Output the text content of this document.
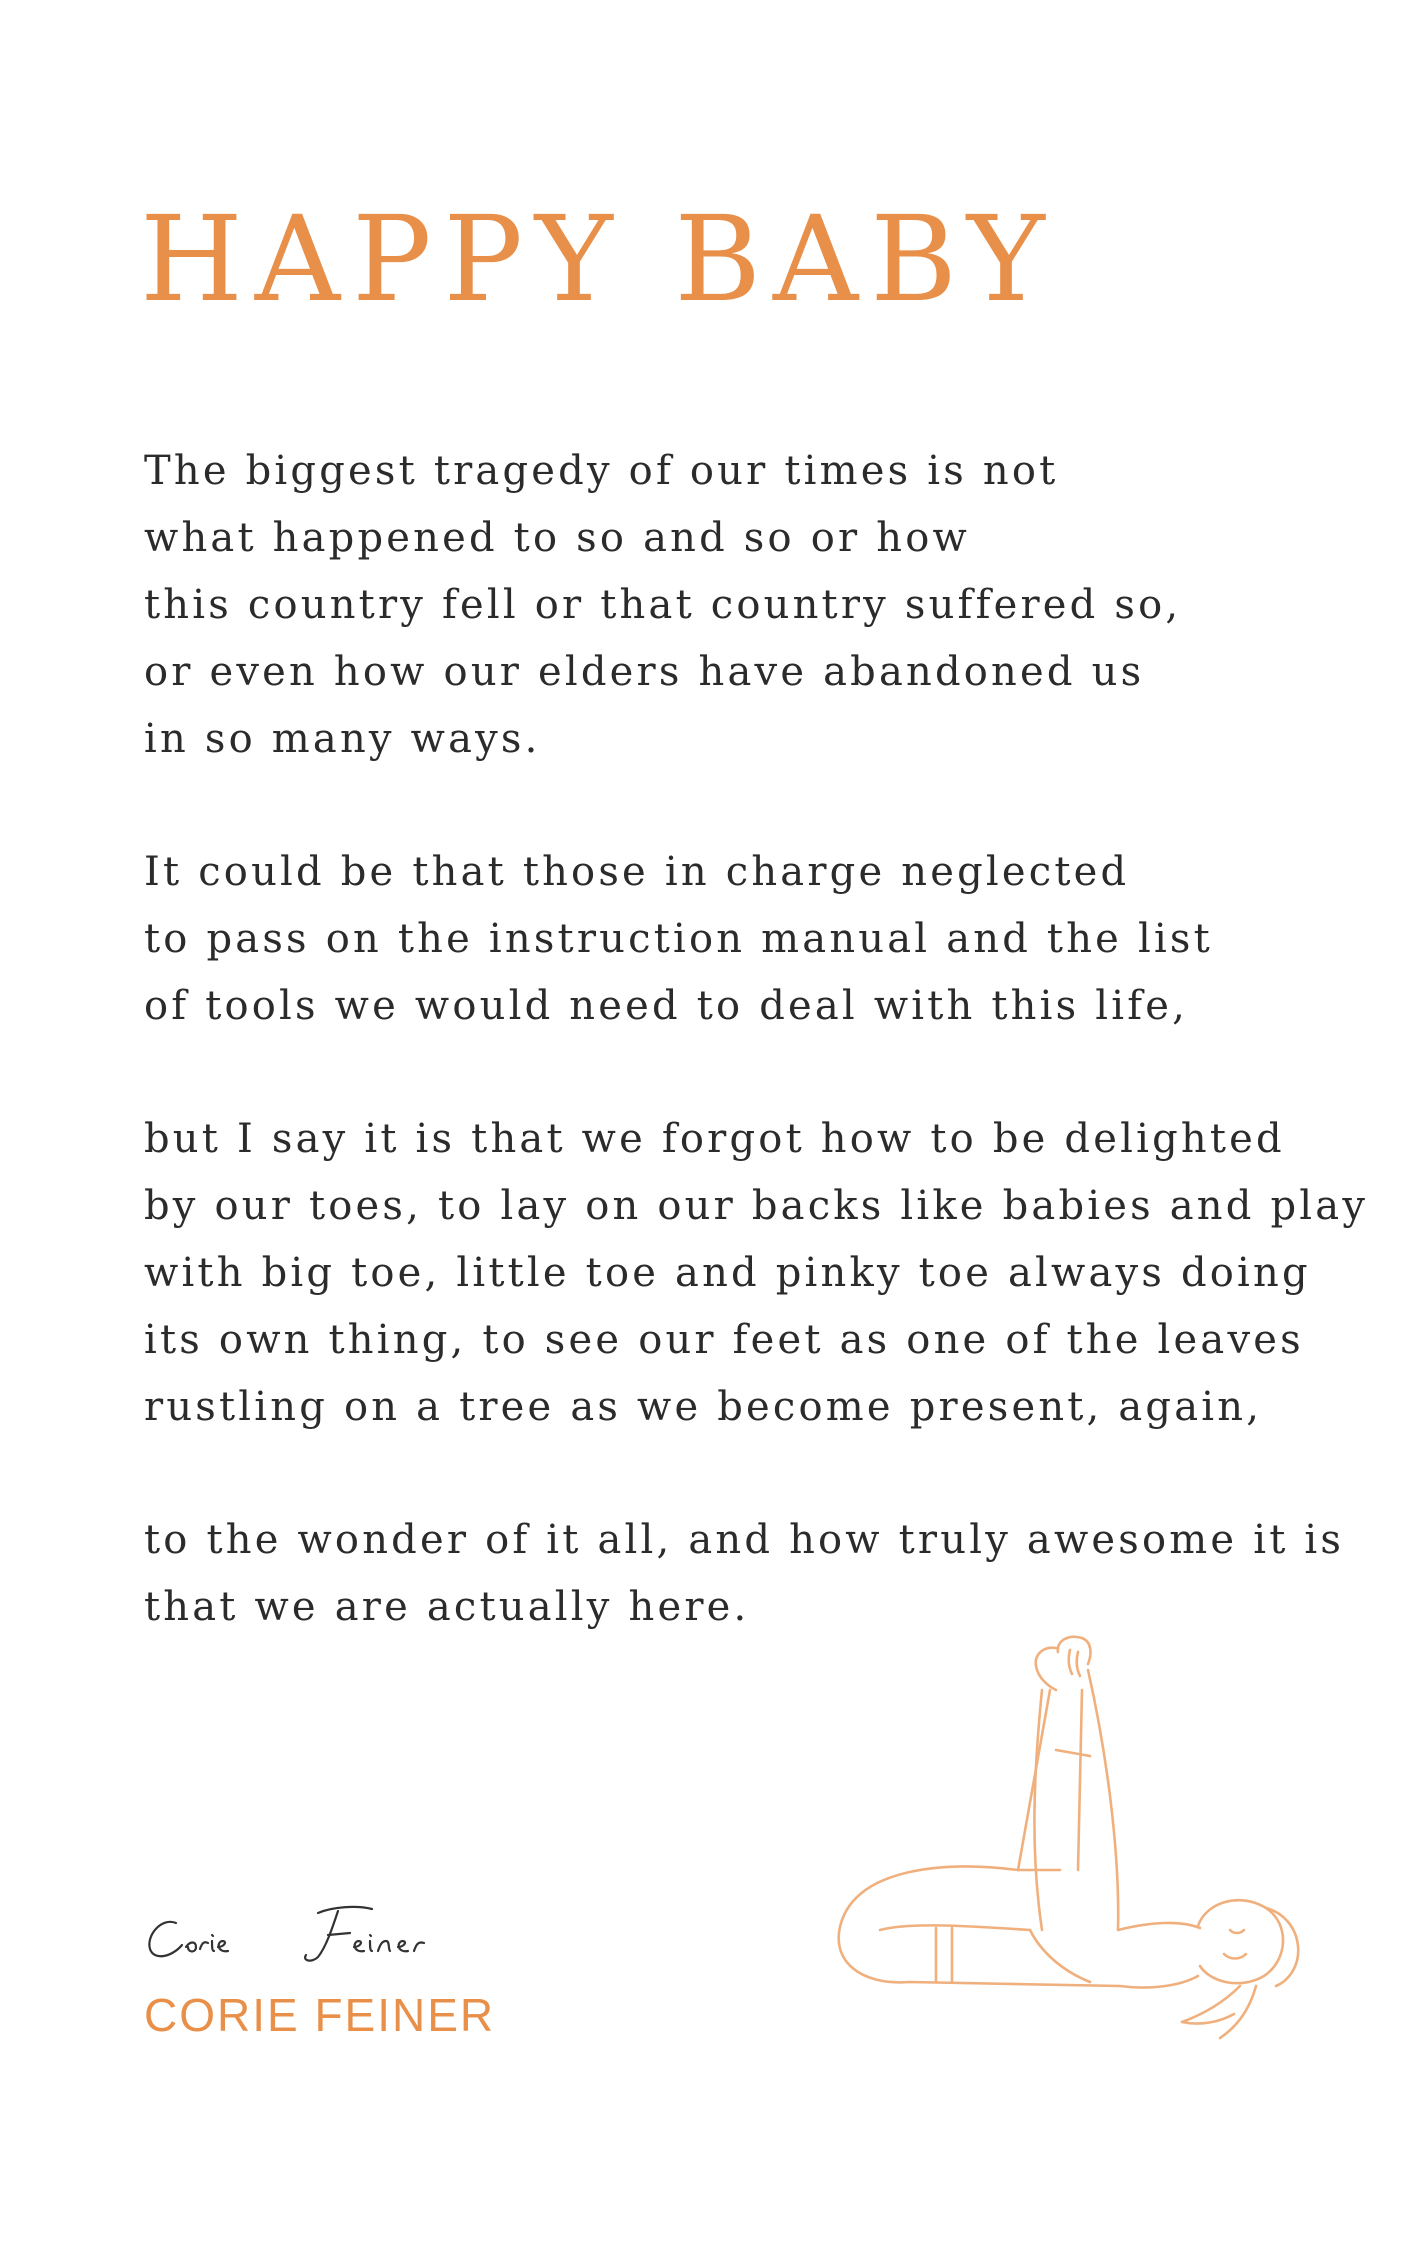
HAPPY BABY

The biggest tragedy of our times is not
what happened to so and so or how
this country fell or that country suffered so,
or even how our elders have abandoned us
in so many ways.

It could be that those in charge neglected
to pass on the instruction manual and the list
of tools we would need to deal with this life,

but I say it is that we forgot how to be delighted
by our toes, to lay on our backs like babies and play
with big toe, little toe and pinky toe always doing
its own thing, to see our feet as one of the leaves
rustling on a tree as we become present, again,

to the wonder of it all, and how truly awesome it is
that we are actually here.

CORIE FEINER
